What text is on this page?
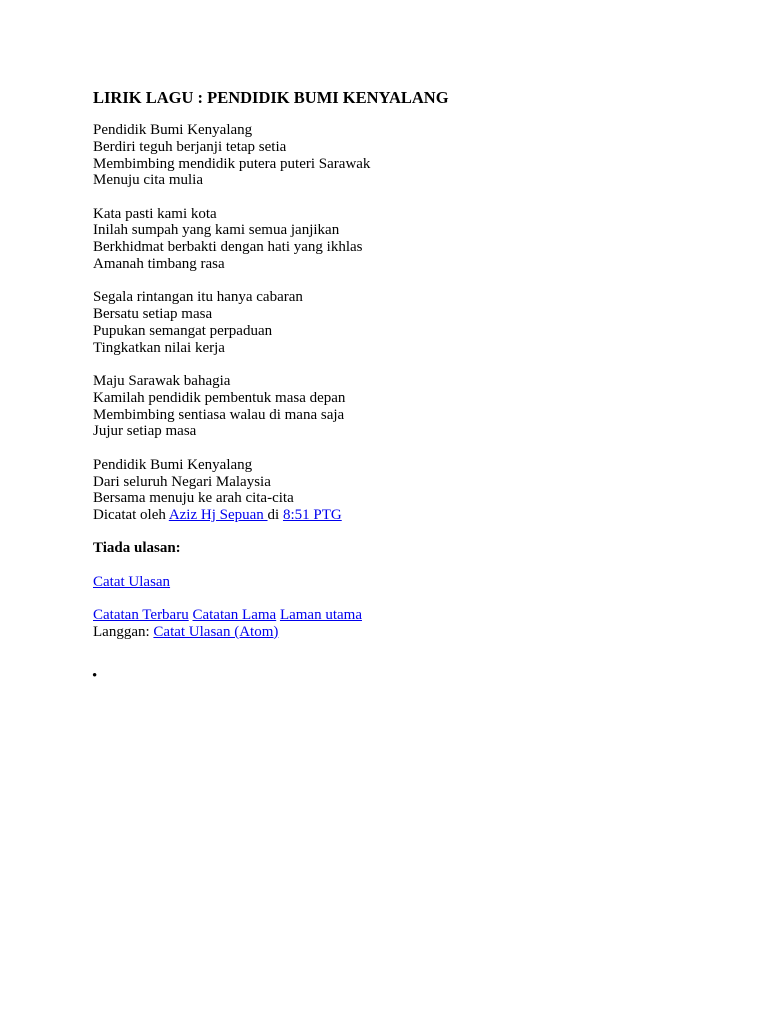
LIRIK LAGU : PENDIDIK BUMI KENYALANG
Pendidik Bumi Kenyalang
Berdiri teguh berjanji tetap setia
Membimbing mendidik putera puteri Sarawak
Menuju cita mulia
Kata pasti kami kota
Inilah sumpah yang kami semua janjikan
Berkhidmat berbakti dengan hati yang ikhlas
Amanah timbang rasa
Segala rintangan itu hanya cabaran
Bersatu setiap masa
Pupukan semangat perpaduan
Tingkatkan nilai kerja
Maju Sarawak bahagia
Kamilah pendidik pembentuk masa depan
Membimbing sentiasa walau di mana saja
Jujur setiap masa
Pendidik Bumi Kenyalang
Dari seluruh Negari Malaysia
Bersama menuju ke arah cita-cita
Dicatat oleh Aziz Hj Sepuan di 8:51 PTG
Tiada ulasan:
Catat Ulasan
Catatan Terbaru Catatan Lama Laman utama
Langgan: Catat Ulasan (Atom)
•
